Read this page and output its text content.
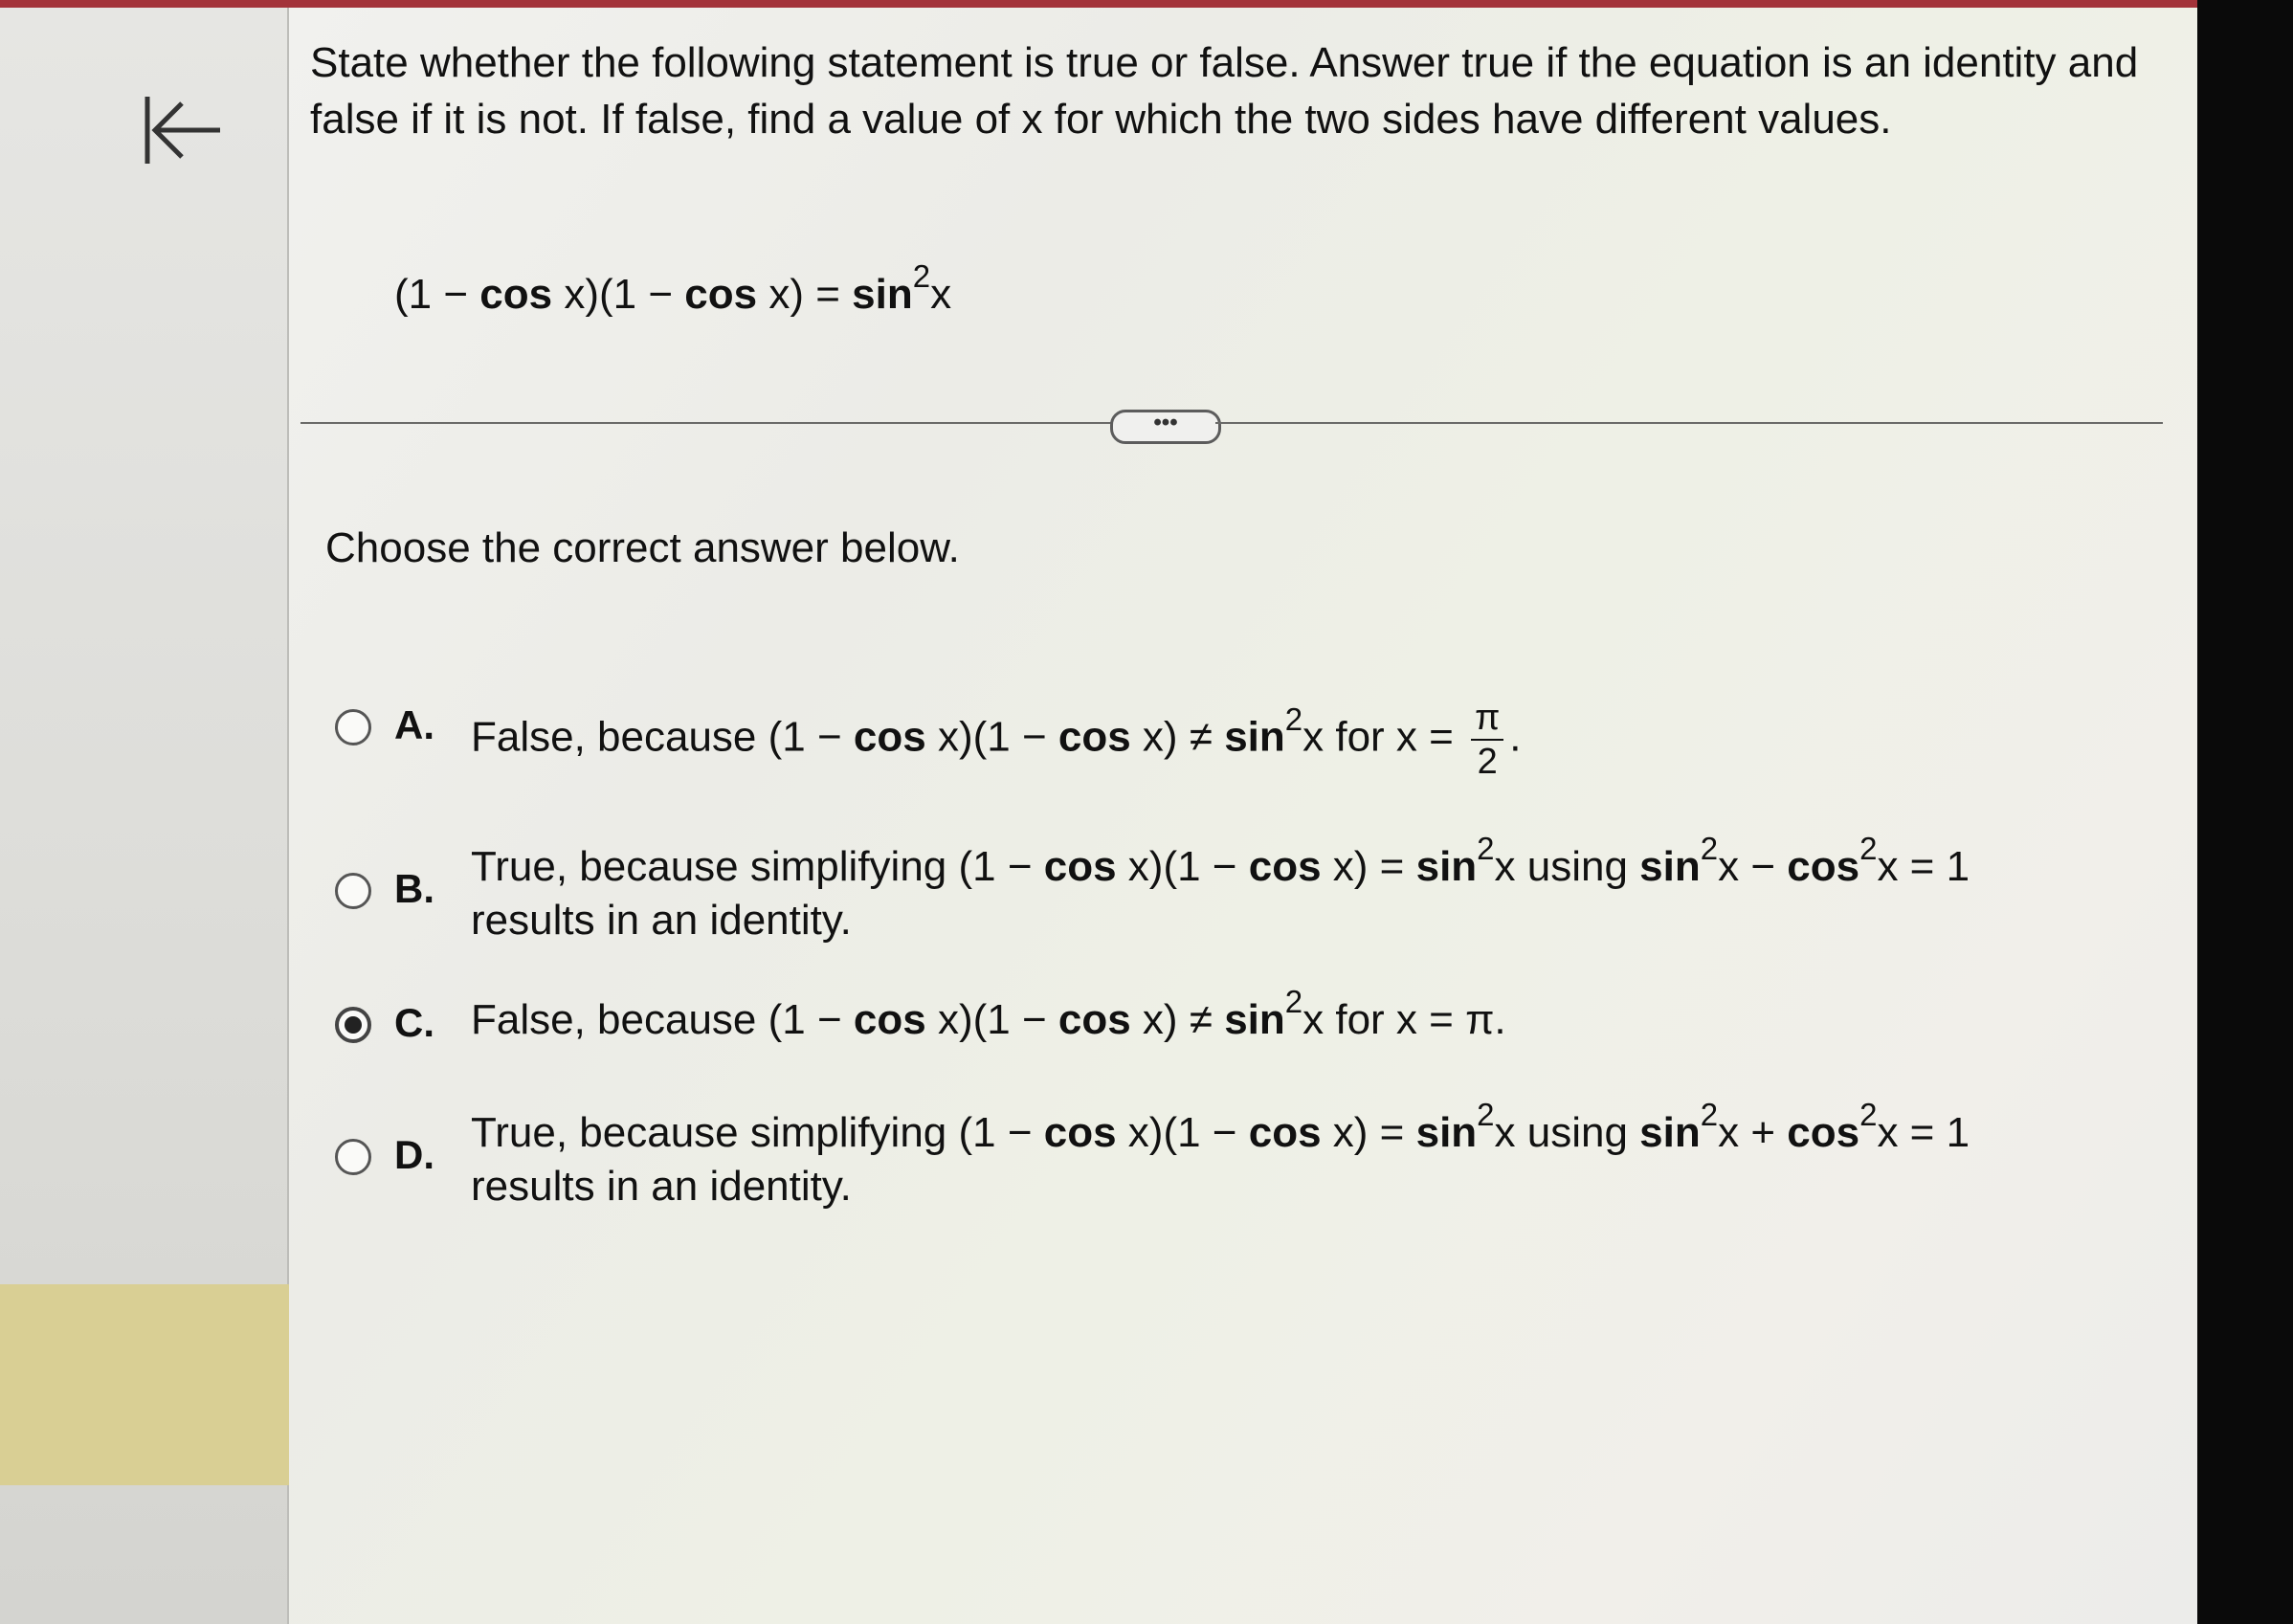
State whether the following statement is true or false. Answer true if the equation is an identity and false if it is not. If false, find a value of x for which the two sides have different values.
$(1 - \cos x)(1 - \cos x) = \sin^2x$
•••
Choose the correct answer below.
A. False, because $(1 - \cos x)(1 - \cos x) \ne \sin^2x$ for $x = \frac{\pi}{2}$ .
B. True, because simplifying $(1 - \cos x)(1 - \cos x) = \sin^2x$ using $\sin^2x - \cos^2x = 1$
results in an identity.
C. False, because $(1 - \cos x)(1 - \cos x) \ne \sin^2x$ for x = π.
D. True, because simplifying $(1 - \cos x)(1 - \cos x) = \sin^2x$ using $\sin^2x + \cos^2x = 1$
results in an identity.
